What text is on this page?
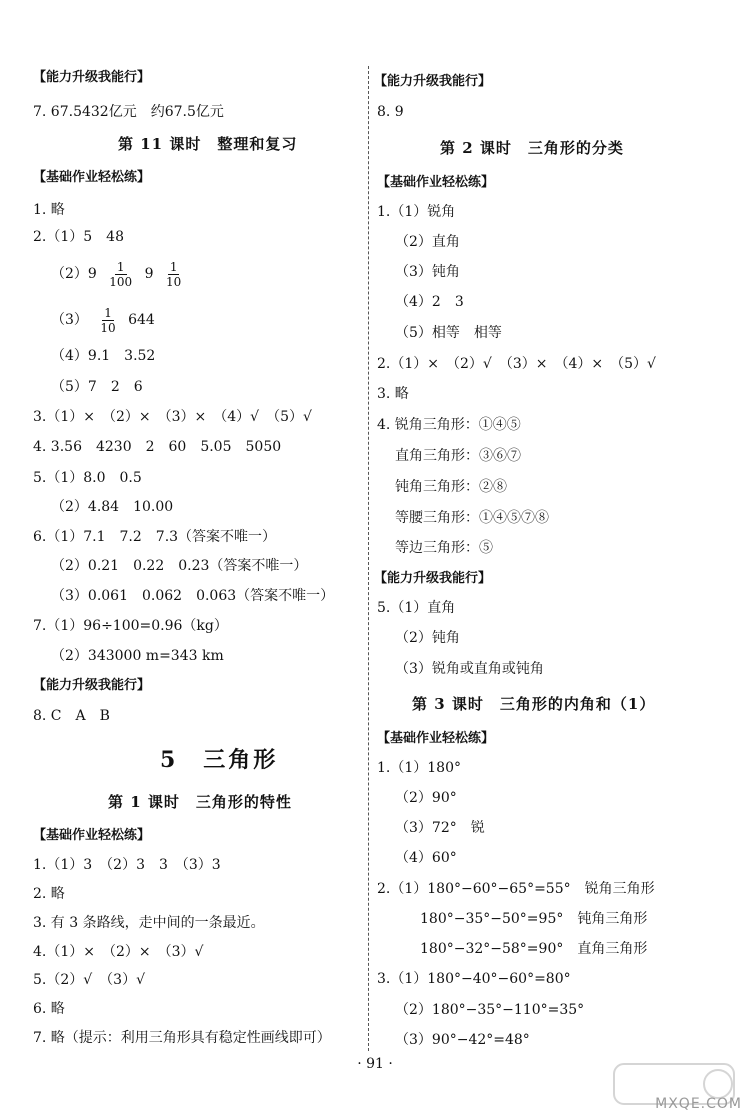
【能力升级我能行】
7. 67.5432亿元　约67.5亿元
第 11 课时　整理和复习
【基础作业轻松练】
1. 略
2.（1）5　48
$(2)9 \frac{1}{100} 9 \frac{1}{10}$
$(3) \frac{1}{10} 644$
（4）9.1　3.52
（5）7　2　6
3.（1）×　（2）×　（3）×　（4）√　（5）√
4. 3.56　4230　2　60　5.05　5050
5.（1）8.0　0.5
（2）4.84　10.00
6.（1）7.1　7.2　7.3（答案不唯一）
（2）0.21　0.22　0.23（答案不唯一）
（3）0.061　0.062　0.063（答案不唯一）
7.（1）96÷100=0.96（kg）
（2）343000 m=343 km
【能力升级我能行】
8. C　A　B
5　三角形
第 1 课时　三角形的特性
【基础作业轻松练】
1.（1）3　（2）3　3　（3）3
2. 略
3. 有 3 条路线，走中间的一条最近。
4.（1）×　（2）×　（3）√
5.（2）√　（3）√
6. 略
7. 略（提示：利用三角形具有稳定性画线即可）
【能力升级我能行】
8. 9
第 2 课时　三角形的分类
【基础作业轻松练】
1.（1）锐角
（2）直角
（3）钝角
（4）2　3
（5）相等　相等
2.（1）×　（2）√　（3）×　（4）×　（5）√
3. 略
4. 锐角三角形：①④⑤
直角三角形：③⑥⑦
钝角三角形：②⑧
等腰三角形：①④⑤⑦⑧
等边三角形：⑤
【能力升级我能行】
5.（1）直角
（2）钝角
（3）锐角或直角或钝角
第 3 课时　三角形的内角和（1）
【基础作业轻松练】
1.（1）180°
（2）90°
（3）72°　锐
（4）60°
2.（1）180°−60°−65°=55°　锐角三角形
180°−35°−50°=95°　钝角三角形
180°−32°−58°=90°　直角三角形
3.（1）180°−40°−60°=80°
（2）180°−35°−110°=35°
（3）90°−42°=48°
· 91 ·
MXQE.COM
